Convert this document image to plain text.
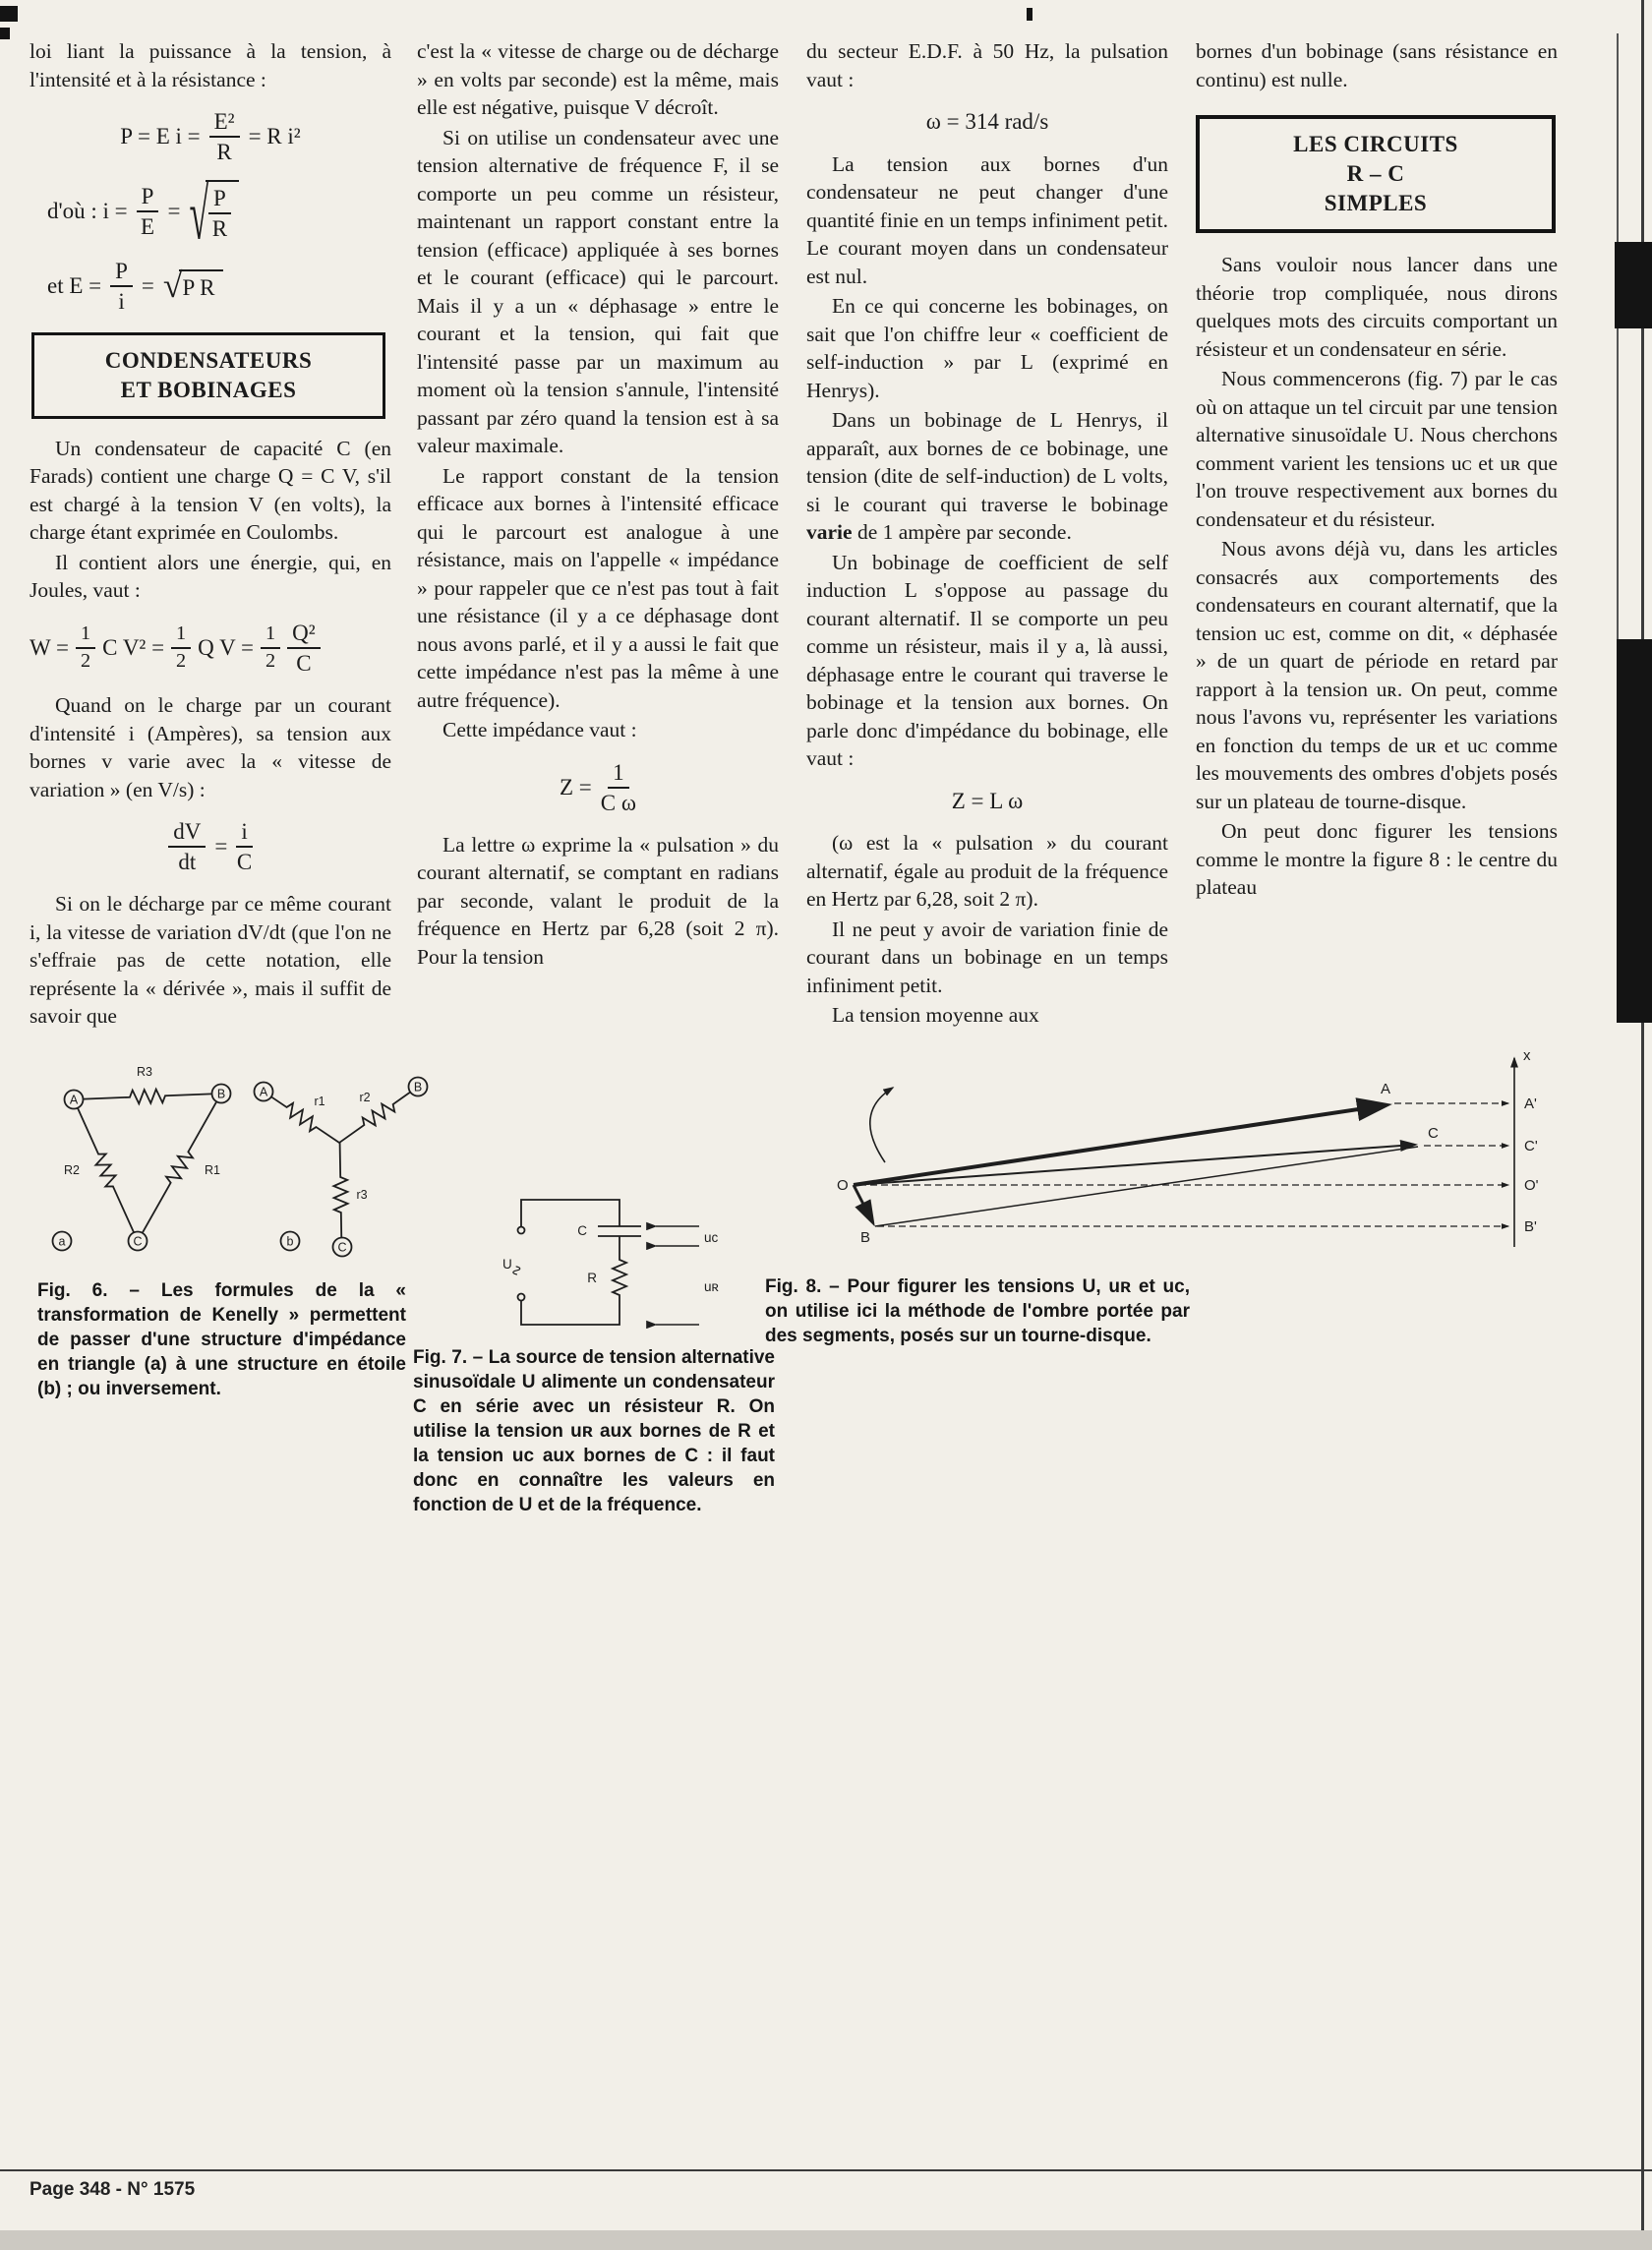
loi liant la puissance à la tension, à l'intensité et à la résistance :

P = E $i = \frac{\text{E²}}{R} = R$ i²
d'où : $i = \frac{P}{E}$ = √ $\frac{P}{R}$
et $E = \frac{P}{i}$ = √ P R
CONDENSATEURS
ET BOBINAGES

Un condensateur de capacité C (en Farads) contient une charge Q = C V, s'il est chargé à la tension V (en volts), la charge étant exprimée en Coulombs.

Il contient alors une énergie, qui, en Joules, vaut :

$W = \frac{1}{2}$ C $V^2 = \frac{1}{2}$ Q $V = \frac{1}{2} \frac{\text{Q²}}{C}$

Quand on le charge par un courant d'intensité i (Ampères), sa tension aux bornes v varie avec la « vitesse de variation » (en V/s) :

$\frac{dV}{dt} = \frac{i}{C}$

Si on le décharge par ce même courant i, la vitesse de variation dV/dt (que l'on ne s'effraie pas de cette notation, elle représente la « dérivée », mais il suffit de savoir que

c'est la « vitesse de charge ou de décharge » en volts par seconde) est la même, mais elle est négative, puisque V décroît.

Si on utilise un condensateur avec une tension alternative de fréquence F, il se comporte un peu comme un résisteur, maintenant un rapport constant entre la tension (efficace) appliquée à ses bornes et le courant (efficace) qui le parcourt. Mais il y a un « déphasage » entre le courant et la tension, qui fait que l'intensité passe par un maximum au moment où la tension s'annule, l'intensité passant par zéro quand la tension est à sa valeur maximale.

Le rapport constant de la tension efficace aux bornes à l'intensité efficace qui le parcourt est analogue à une résistance, mais on l'appelle « impédance » pour rappeler que ce n'est pas tout à fait une résistance (il y a ce déphasage dont nous avons parlé, et il y a aussi le fait que cette impédance n'est pas la même à une autre fréquence).

Cette impédance vaut :

$Z = \frac{1}{\text{C ω}}$

La lettre ω exprime la « pulsation » du courant alternatif, se comptant en radians par seconde, valant le produit de la fréquence en Hertz par 6,28 (soit 2 π). Pour la tension

du secteur E.D.F. à 50 Hz, la pulsation vaut :

ω = 314 rad/s

La tension aux bornes d'un condensateur ne peut changer d'une quantité finie en un temps infiniment petit. Le courant moyen dans un condensateur est nul.

En ce qui concerne les bobinages, on sait que l'on chiffre leur « coefficient de self-induction » par L (exprimé en Henrys).

Dans un bobinage de L Henrys, il apparaît, aux bornes de ce bobinage, une tension (dite de self-induction) de L volts, si le courant qui traverse le bobinage varie de 1 ampère par seconde.

Un bobinage de coefficient de self induction L s'oppose au passage du courant alternatif. Il se comporte un peu comme un résisteur, mais il y a, là aussi, déphasage entre le courant qui traverse le bobinage et la tension aux bornes. On parle donc d'impédance du bobinage, elle vaut :

Z = L ω

(ω est la « pulsation » du courant alternatif, égale au produit de la fréquence en Hertz par 6,28, soit 2 π).

Il ne peut y avoir de variation finie de courant dans un bobinage en un temps infiniment petit.

La tension moyenne aux

bornes d'un bobinage (sans résistance en continu) est nulle.

LES CIRCUITS
R – C
SIMPLES

Sans vouloir nous lancer dans une théorie trop compliquée, nous dirons quelques mots des circuits comportant un résisteur et un condensateur en série.

Nous commencerons (fig. 7) par le cas où on attaque un tel circuit par une tension alternative sinusoïdale U. Nous cherchons comment varient les tensions uᴄ et uʀ que l'on trouve respectivement aux bornes du condensateur et du résisteur.

Nous avons déjà vu, dans les articles consacrés aux comportements des condensateurs en courant alternatif, que la tension uᴄ est, comme on dit, « déphasée » de un quart de période en retard par rapport à la tension uʀ. On peut, comme nous l'avons vu, représenter les variations en fonction du temps de uʀ et uᴄ comme les mouvements des ombres d'objets posés sur un plateau de tourne-disque.

On peut donc figurer les tensions comme le montre la figure 8 : le centre du plateau

A	B
C
a
R3
R2	R1
A	B
C
b
r1	r2
r3
Fig. 6. – Les formules de la « transformation de Kenelly » permettent de passer d'une structure d'impédance en triangle (a) à une structure en étoile (b) ; ou inversement.
U
∿
C
R
uᴄ
uʀ
Fig. 7. – La source de tension alternative sinusoïdale U alimente un condensateur C en série avec un résisteur R. On utilise la tension uʀ aux bornes de R et la tension uᴄ aux bornes de C : il faut donc en connaître les valeurs en fonction de U et de la fréquence.
O
A
C
B
x
A'
C'
O'
B'
Fig. 8. – Pour figurer les tensions U, uʀ et uᴄ, on utilise ici la méthode de l'ombre portée par des segments, posés sur un tourne-disque.
Page 348 - N° 1575
